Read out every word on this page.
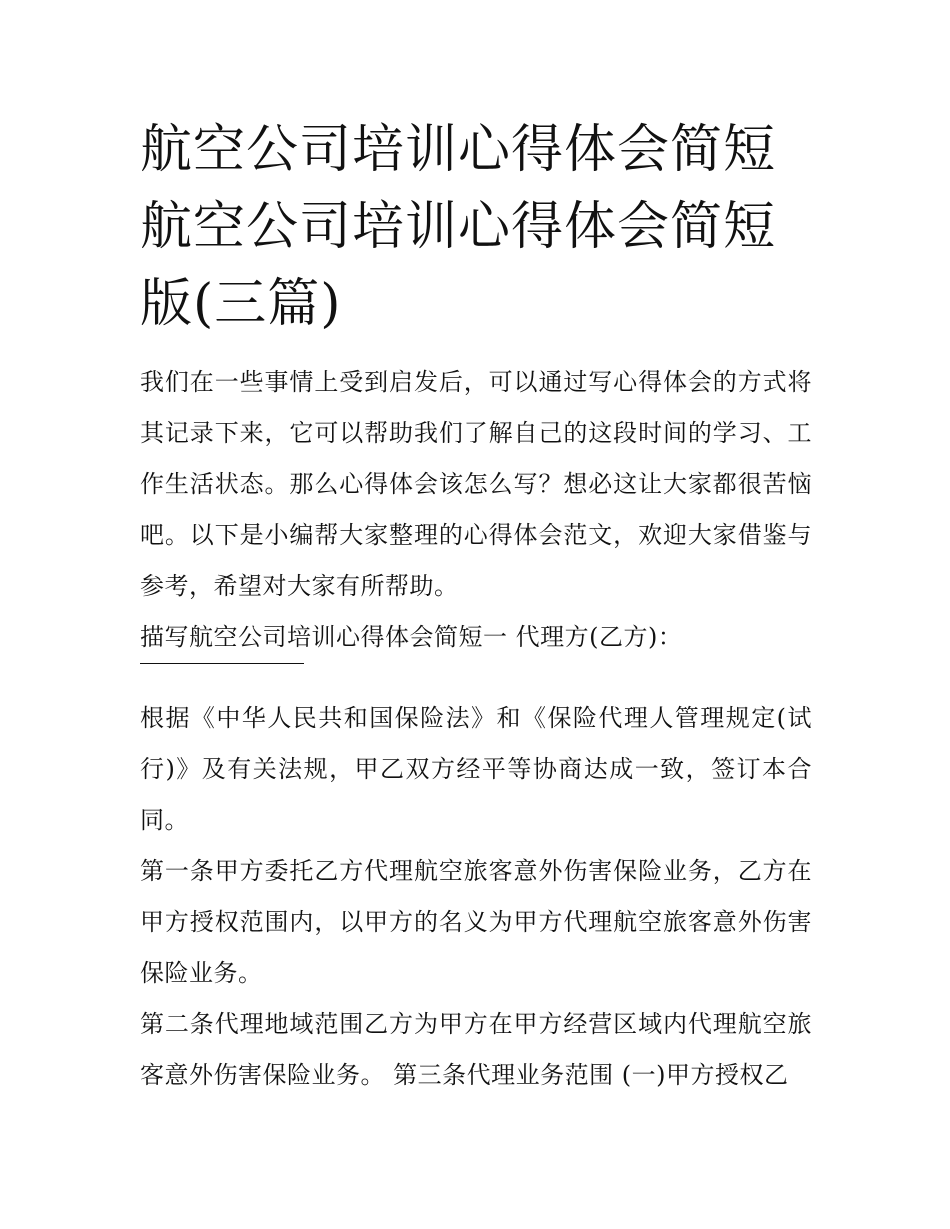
航空公司培训心得体会简短 航空公司培训心得体会简短版(三篇)

我们在一些事情上受到启发后，可以通过写心得体会的方式将其记录下来，它可以帮助我们了解自己的这段时间的学习、工作生活状态。那么心得体会该怎么写？想必这让大家都很苦恼吧。以下是小编帮大家整理的心得体会范文，欢迎大家借鉴与参考，希望对大家有所帮助。

描写航空公司培训心得体会简短一 代理方(乙方)：

根据《中华人民共和国保险法》和《保险代理人管理规定(试行)》及有关法规，甲乙双方经平等协商达成一致，签订本合同。

第一条甲方委托乙方代理航空旅客意外伤害保险业务，乙方在甲方授权范围内，以甲方的名义为甲方代理航空旅客意外伤害保险业务。

第二条代理地域范围乙方为甲方在甲方经营区域内代理航空旅客意外伤害保险业务。 第三条代理业务范围 (一)甲方授权乙
